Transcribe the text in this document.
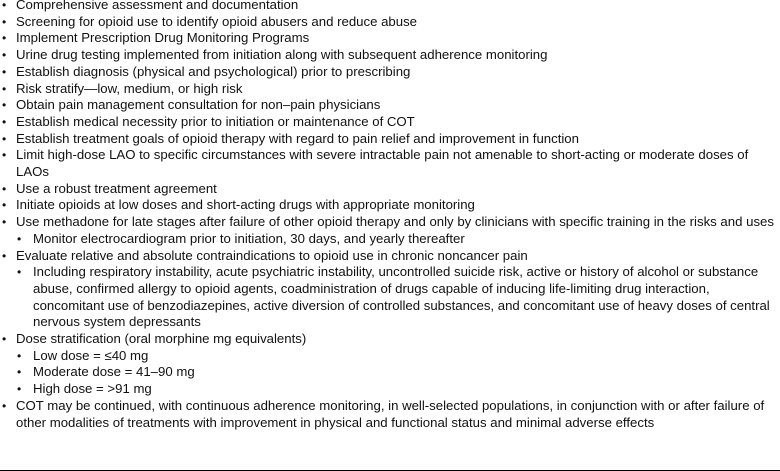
• Comprehensive assessment and documentation
• Screening for opioid use to identify opioid abusers and reduce abuse
• Implement Prescription Drug Monitoring Programs
• Urine drug testing implemented from initiation along with subsequent adherence monitoring
• Establish diagnosis (physical and psychological) prior to prescribing
• Risk stratify—low, medium, or high risk
• Obtain pain management consultation for non–pain physicians
• Establish medical necessity prior to initiation or maintenance of COT
• Establish treatment goals of opioid therapy with regard to pain relief and improvement in function
• Limit high-dose LAO to specific circumstances with severe intractable pain not amenable to short-acting or moderate doses of LAOs
• Use a robust treatment agreement
• Initiate opioids at low doses and short-acting drugs with appropriate monitoring
• Use methadone for late stages after failure of other opioid therapy and only by clinicians with specific training in the risks and uses
• Monitor electrocardiogram prior to initiation, 30 days, and yearly thereafter
• Evaluate relative and absolute contraindications to opioid use in chronic noncancer pain
• Including respiratory instability, acute psychiatric instability, uncontrolled suicide risk, active or history of alcohol or substance abuse, confirmed allergy to opioid agents, coadministration of drugs capable of inducing life-limiting drug interaction, concomitant use of benzodiazepines, active diversion of controlled substances, and concomitant use of heavy doses of central nervous system depressants
• Dose stratification (oral morphine mg equivalents)
• Low dose = ≤40 mg
• Moderate dose = 41–90 mg
• High dose = >91 mg
• COT may be continued, with continuous adherence monitoring, in well-selected populations, in conjunction with or after failure of other modalities of treatments with improvement in physical and functional status and minimal adverse effects
